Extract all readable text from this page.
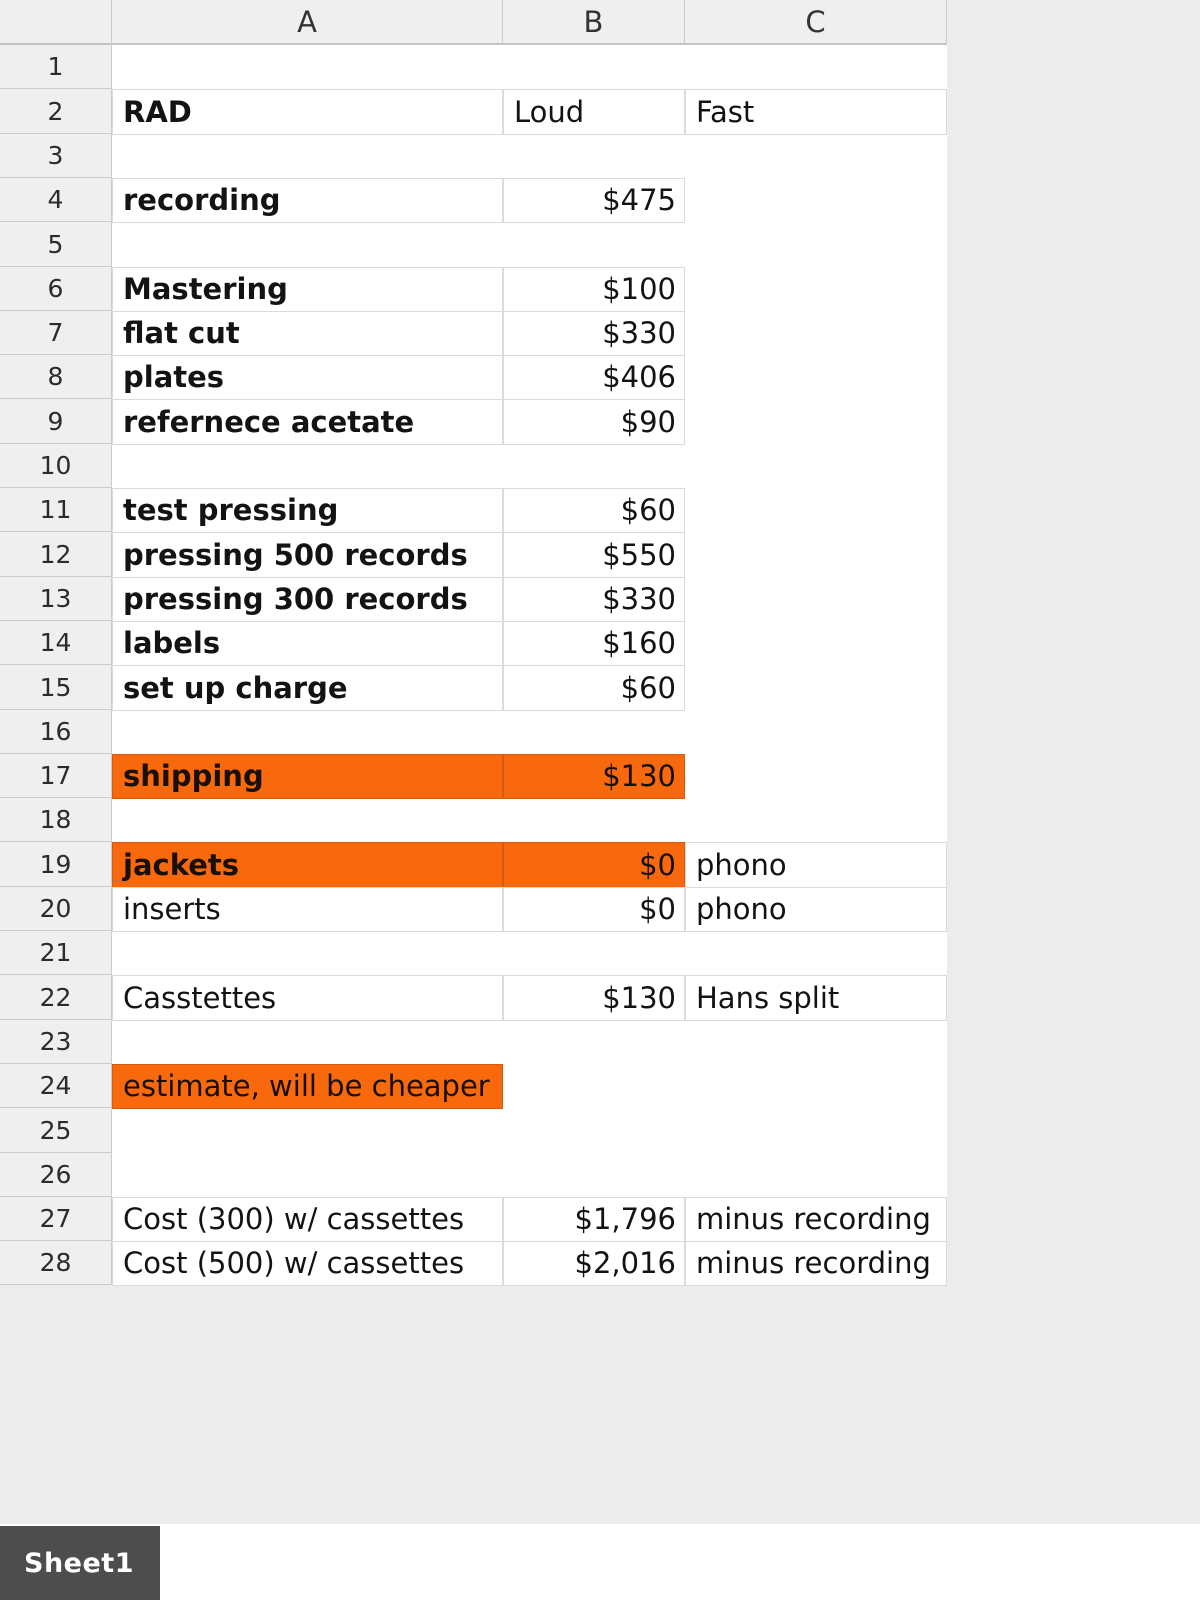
A	B	C
1
2
3
4
5
6
7
8
9
10
11
12
13
14
15
16
17
18
19
20
21
22
23
24
25
26
27
28
RAD	Loud	Fast
recording	$475
Mastering	$100
flat cut	$330
plates	$406
refernece acetate	$90
test pressing	$60
pressing 500 records	$550
pressing 300 records	$330
labels	$160
set up charge	$60
shipping	$130
jackets	$0 phono
inserts	$0 phono
Casstettes	$130 Hans split
estimate, will be cheaper
Cost (300) w/ cassettes	$1,796 minus recording
Cost (500) w/ cassettes	$2,016 minus recording
Sheet1
